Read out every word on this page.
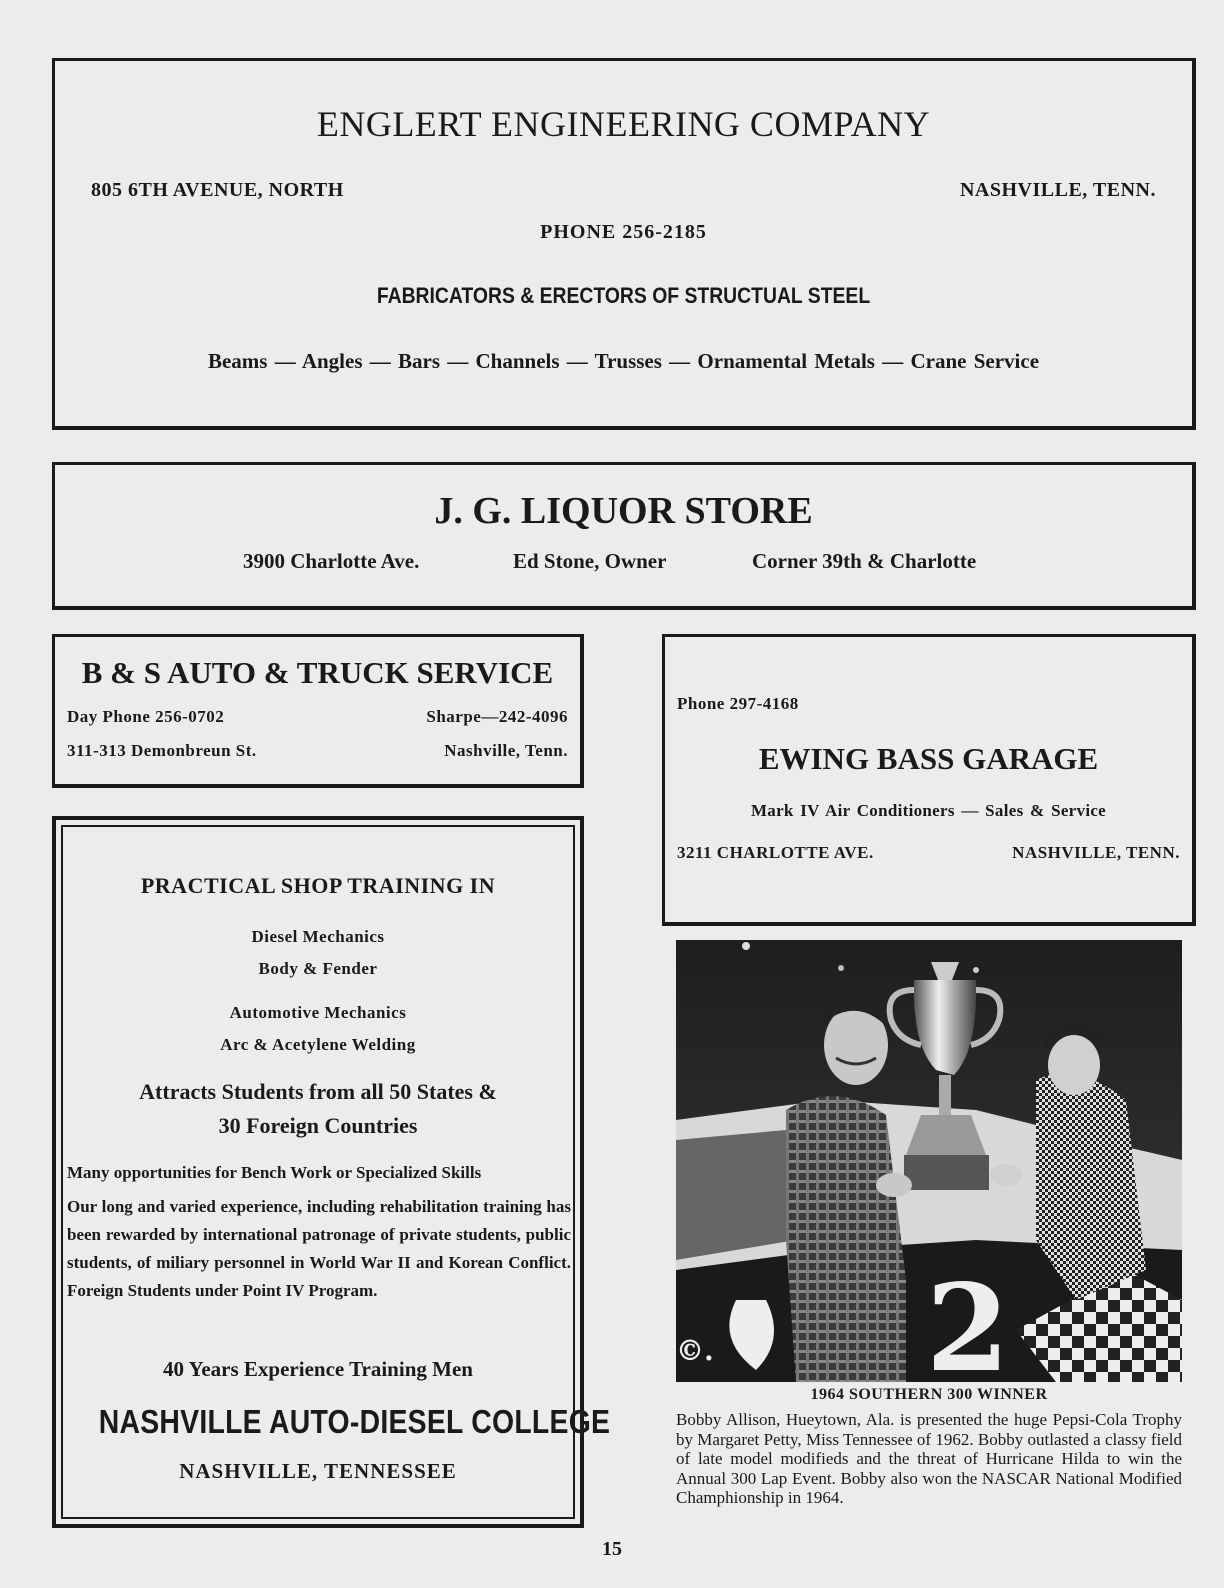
ENGLERT ENGINEERING COMPANY
805 6TH AVENUE, NORTH	NASHVILLE, TENN.
PHONE 256-2185
FABRICATORS & ERECTORS OF STRUCTUAL STEEL
Beams — Angles — Bars — Channels — Trusses — Ornamental Metals — Crane Service
J. G. LIQUOR STORE
3900 Charlotte Ave.	Ed Stone, Owner	Corner 39th & Charlotte
B & S AUTO & TRUCK SERVICE
Day Phone 256-0702	Sharpe—242-4096
311-313 Demonbreun St.	Nashville, Tenn.
Phone 297-4168
EWING BASS GARAGE
Mark IV Air Conditioners — Sales & Service
3211 CHARLOTTE AVE.	NASHVILLE, TENN.
PRACTICAL SHOP TRAINING IN
Diesel Mechanics
Body & Fender
Automotive Mechanics
Arc & Acetylene Welding
Attracts Students from all 50 States &
30 Foreign Countries
Many opportunities for Bench Work or Specialized Skills
Our long and varied experience, including rehabilitation training has been rewarded by international patronage of private students, public students, of miliary personnel in World War II and Korean Conflict. Foreign Students under Point IV Program.
40 Years Experience Training Men
NASHVILLE AUTO-DIESEL COLLEGE
NASHVILLE, TENNESSEE
2
©.
1964 SOUTHERN 300 WINNER
Bobby Allison, Hueytown, Ala. is presented the huge Pepsi-Cola Trophy by Margaret Petty, Miss Tennessee of 1962. Bobby outlasted a classy field of late model modifieds and the threat of Hurricane Hilda to win the Annual 300 Lap Event. Bobby also won the NASCAR National Modified Champhionship in 1964.
15
